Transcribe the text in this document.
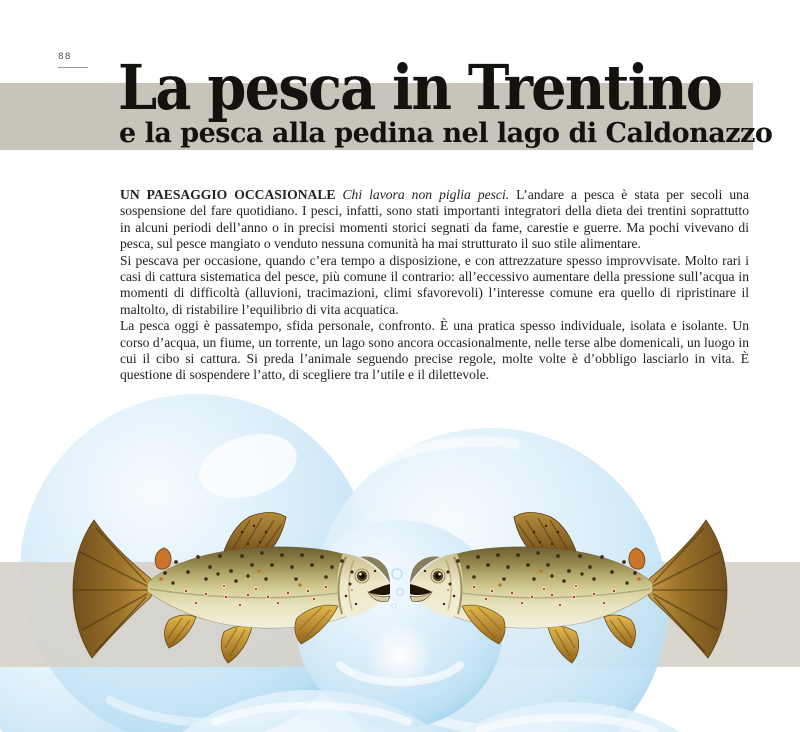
88 La pesca in Trentino
e la pesca alla pedina nel lago di Caldonazzo

UN PAESAGGIO OCCASIONALE Chi lavora non piglia pesci. L’andare a pesca è stata per secoli una sospensione del fare quotidiano. I pesci, infatti, sono stati importanti integratori della dieta dei trentini soprattutto in alcuni periodi dell’anno o in precisi momenti storici segnati da fame, carestie e guerre. Ma pochi vivevano di pesca, sul pesce mangiato o venduto nessuna comunità ha mai strutturato il suo stile alimentare.

Si pescava per occasione, quando c’era tempo a disposizione, e con attrezzature spesso improvvisate. Molto rari i casi di cattura sistematica del pesce, più comune il contrario: all’eccessivo aumentare della pressione sull’acqua in momenti di difficoltà (alluvioni, tracimazioni, climi sfavorevoli) l’interesse comune era quello di ripristinare il maltolto, di ristabilire l’equilibrio di vita acquatica.

La pesca oggi è passatempo, sfida personale, confronto. È una pratica spesso individuale, isolata e isolante. Un corso d’acqua, un fiume, un torrente, un lago sono ancora occasionalmente, nelle terse albe domenicali, un luogo in cui il cibo si cattura. Si preda l’animale seguendo precise regole, molte volte è d’obbligo lasciarlo in vita. È questione di sospendere l’atto, di scegliere tra l’utile e il dilettevole.
